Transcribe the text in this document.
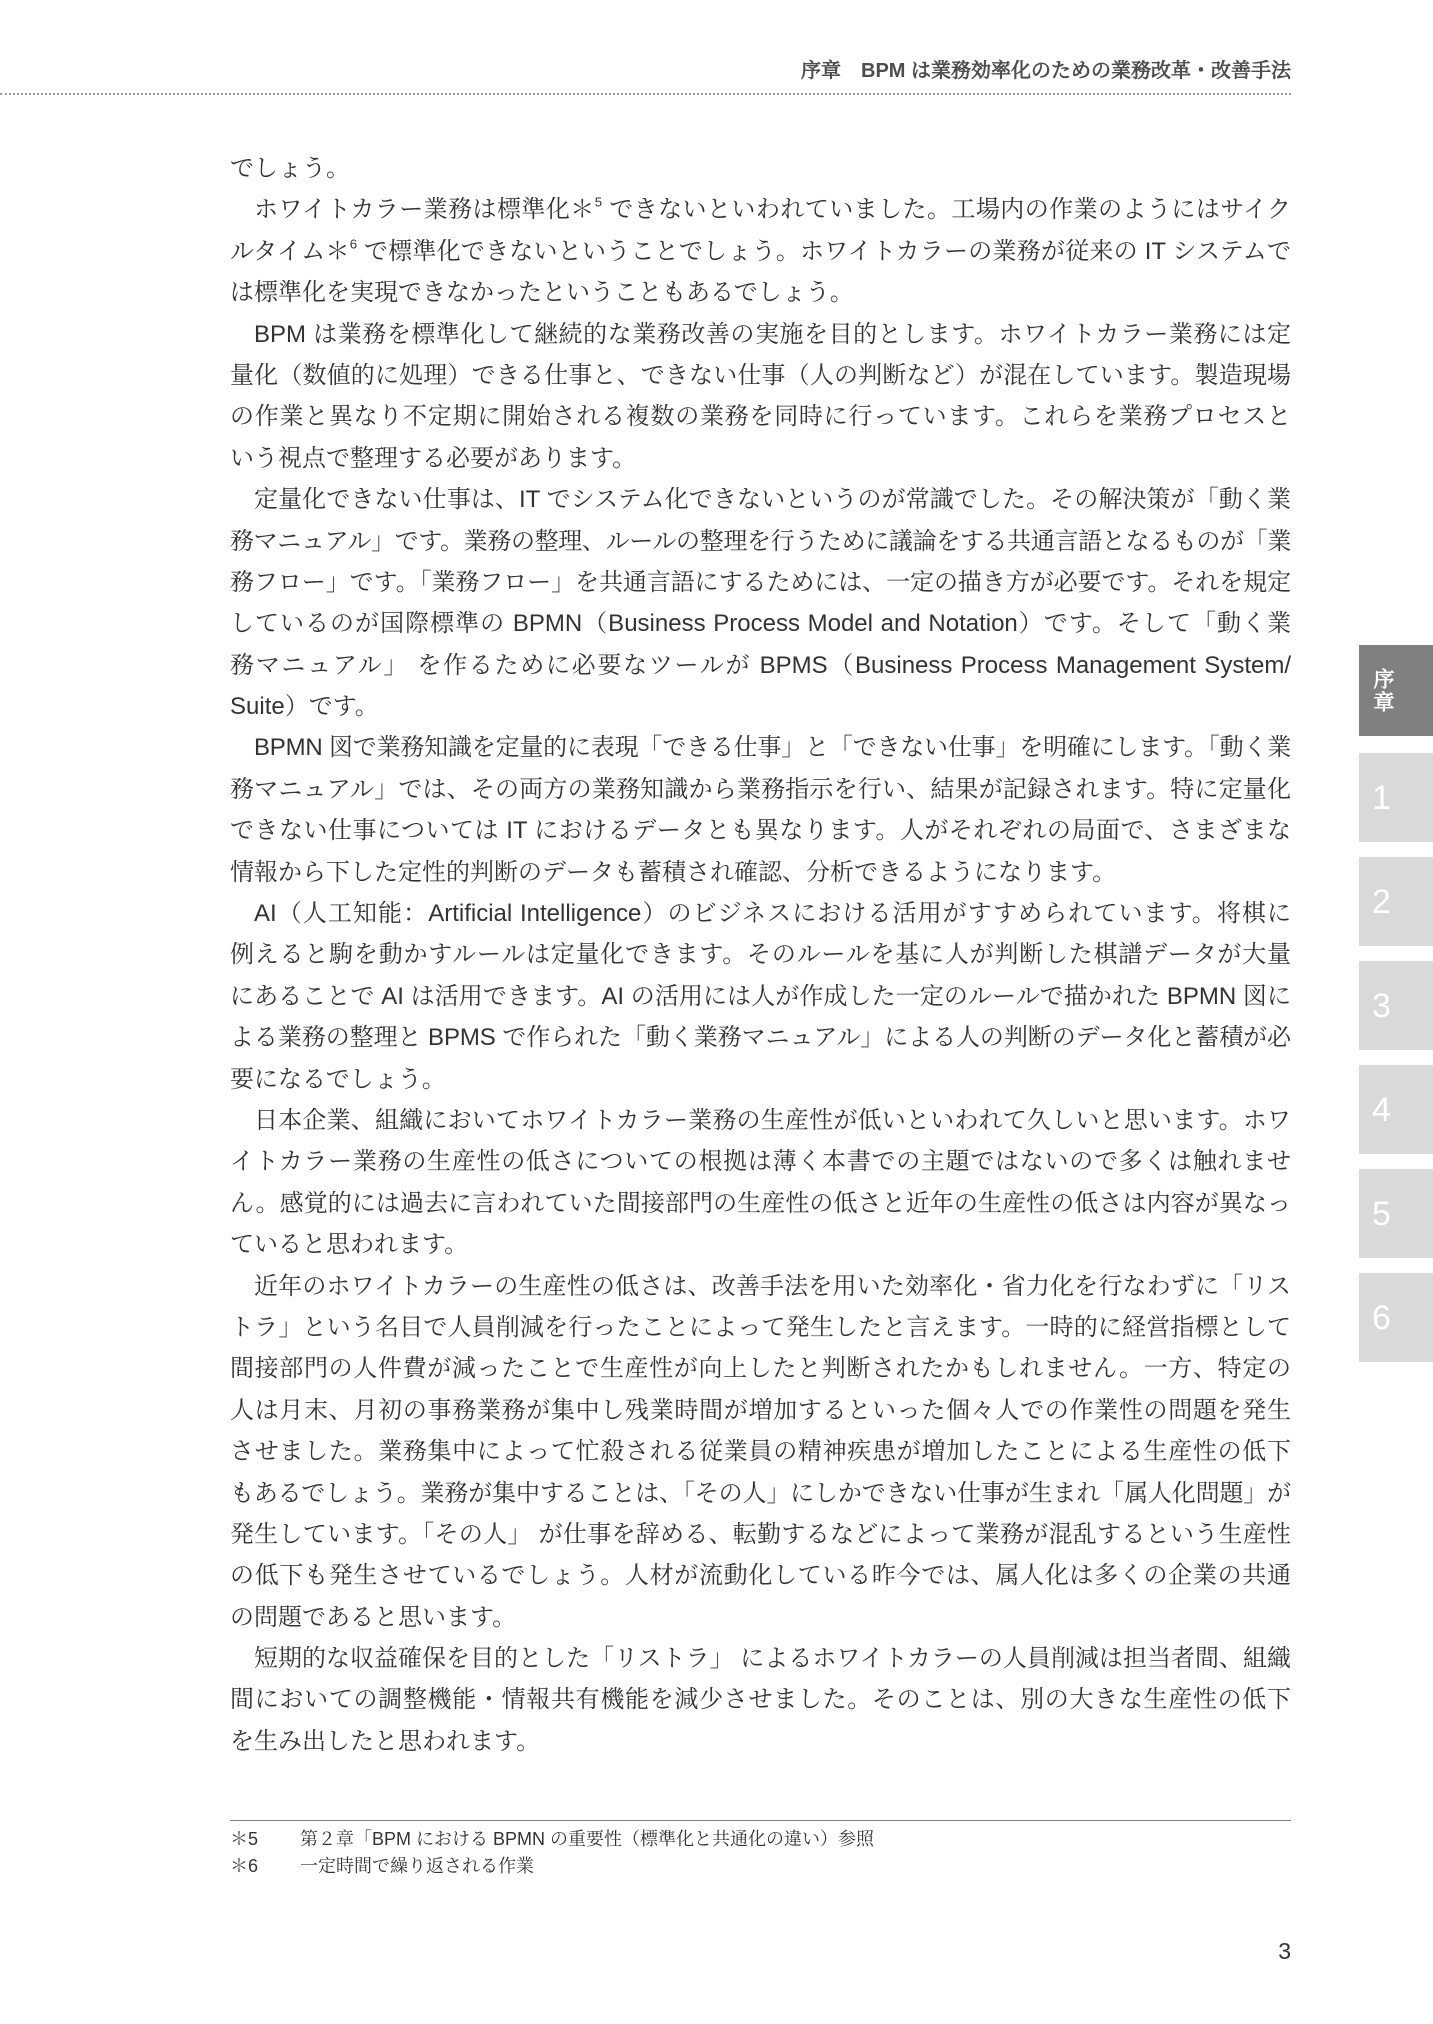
序章　BPM は業務効率化のための業務改革・改善手法
でしょう。
ホワイトカラー業務は標準化＊$^5$ できないといわれていました。工場内の作業のようにはサイク
ルタイム＊$^6$ で標準化できないということでしょう。ホワイトカラーの業務が従来の IT システムで
は標準化を実現できなかったということもあるでしょう。
BPM は業務を標準化して継続的な業務改善の実施を目的とします。ホワイトカラー業務には定
量化（数値的に処理）できる仕事と、できない仕事（人の判断など）が混在しています。製造現場
の作業と異なり不定期に開始される複数の業務を同時に行っています。これらを業務プロセスと
いう視点で整理する必要があります。
定量化できない仕事は、IT でシステム化できないというのが常識でした。その解決策が「動く業
務マニュアル」です。業務の整理、ルールの整理を行うために議論をする共通言語となるものが「業
務フロー」です。「業務フロー」を共通言語にするためには、一定の描き方が必要です。それを規定
しているのが国際標準の BPMN（Business Process Model and Notation）です。そして「動く業
務マニュアル」 を作るために必要なツールが BPMS（Business Process Management System/
Suite）です。
BPMN 図で業務知識を定量的に表現「できる仕事」と「できない仕事」を明確にします。「動く業
務マニュアル」では、その両方の業務知識から業務指示を行い、結果が記録されます。特に定量化
できない仕事については IT におけるデータとも異なります。人がそれぞれの局面で、さまざまな
情報から下した定性的判断のデータも蓄積され確認、分析できるようになります。
AI（人工知能：Artificial Intelligence）のビジネスにおける活用がすすめられています。将棋に
例えると駒を動かすルールは定量化できます。そのルールを基に人が判断した棋譜データが大量
にあることで AI は活用できます。AI の活用には人が作成した一定のルールで描かれた BPMN 図に
よる業務の整理と BPMS で作られた「動く業務マニュアル」による人の判断のデータ化と蓄積が必
要になるでしょう。
日本企業、組織においてホワイトカラー業務の生産性が低いといわれて久しいと思います。ホワ
イトカラー業務の生産性の低さについての根拠は薄く本書での主題ではないので多くは触れませ
ん。感覚的には過去に言われていた間接部門の生産性の低さと近年の生産性の低さは内容が異なっ
ていると思われます。
近年のホワイトカラーの生産性の低さは、改善手法を用いた効率化・省力化を行なわずに「リス
トラ」という名目で人員削減を行ったことによって発生したと言えます。一時的に経営指標として
間接部門の人件費が減ったことで生産性が向上したと判断されたかもしれません。一方、特定の
人は月末、月初の事務業務が集中し残業時間が増加するといった個々人での作業性の問題を発生
させました。業務集中によって忙殺される従業員の精神疾患が増加したことによる生産性の低下
もあるでしょう。業務が集中することは、「その人」にしかできない仕事が生まれ「属人化問題」が
発生しています。「その人」 が仕事を辞める、転勤するなどによって業務が混乱するという生産性
の低下も発生させているでしょう。人材が流動化している昨今では、属人化は多くの企業の共通
の問題であると思います。
短期的な収益確保を目的とした「リストラ」 によるホワイトカラーの人員削減は担当者間、組織
間においての調整機能・情報共有機能を減少させました。そのことは、別の大きな生産性の低下
を生み出したと思われます。
＊5 第２章「BPM における BPMN の重要性（標準化と共通化の違い）参照
＊6 一定時間で繰り返される作業
3
序章
1
2
3
4
5
6
